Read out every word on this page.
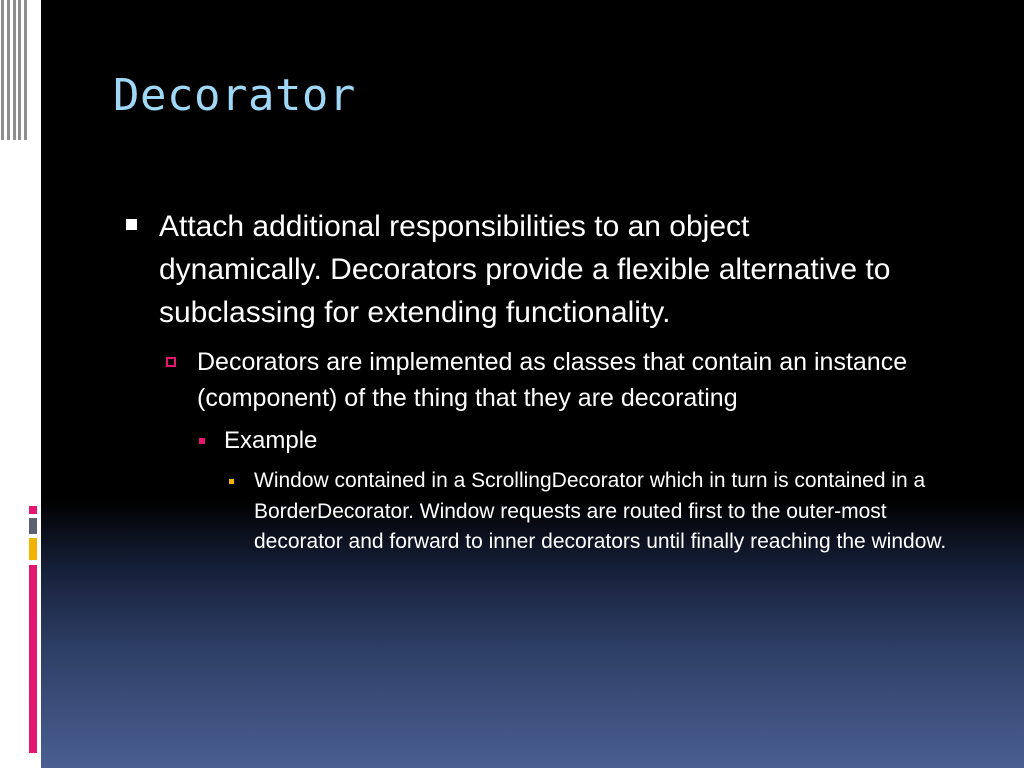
Decorator
Attach additional responsibilities to an object dynamically. Decorators provide a flexible alternative to subclassing for extending functionality.
Decorators are implemented as classes that contain an instance (component) of the thing that they are decorating
Example
Window contained in a ScrollingDecorator which in turn is contained in a BorderDecorator. Window requests are routed first to the outer-most decorator and forward to inner decorators until finally reaching the window.
